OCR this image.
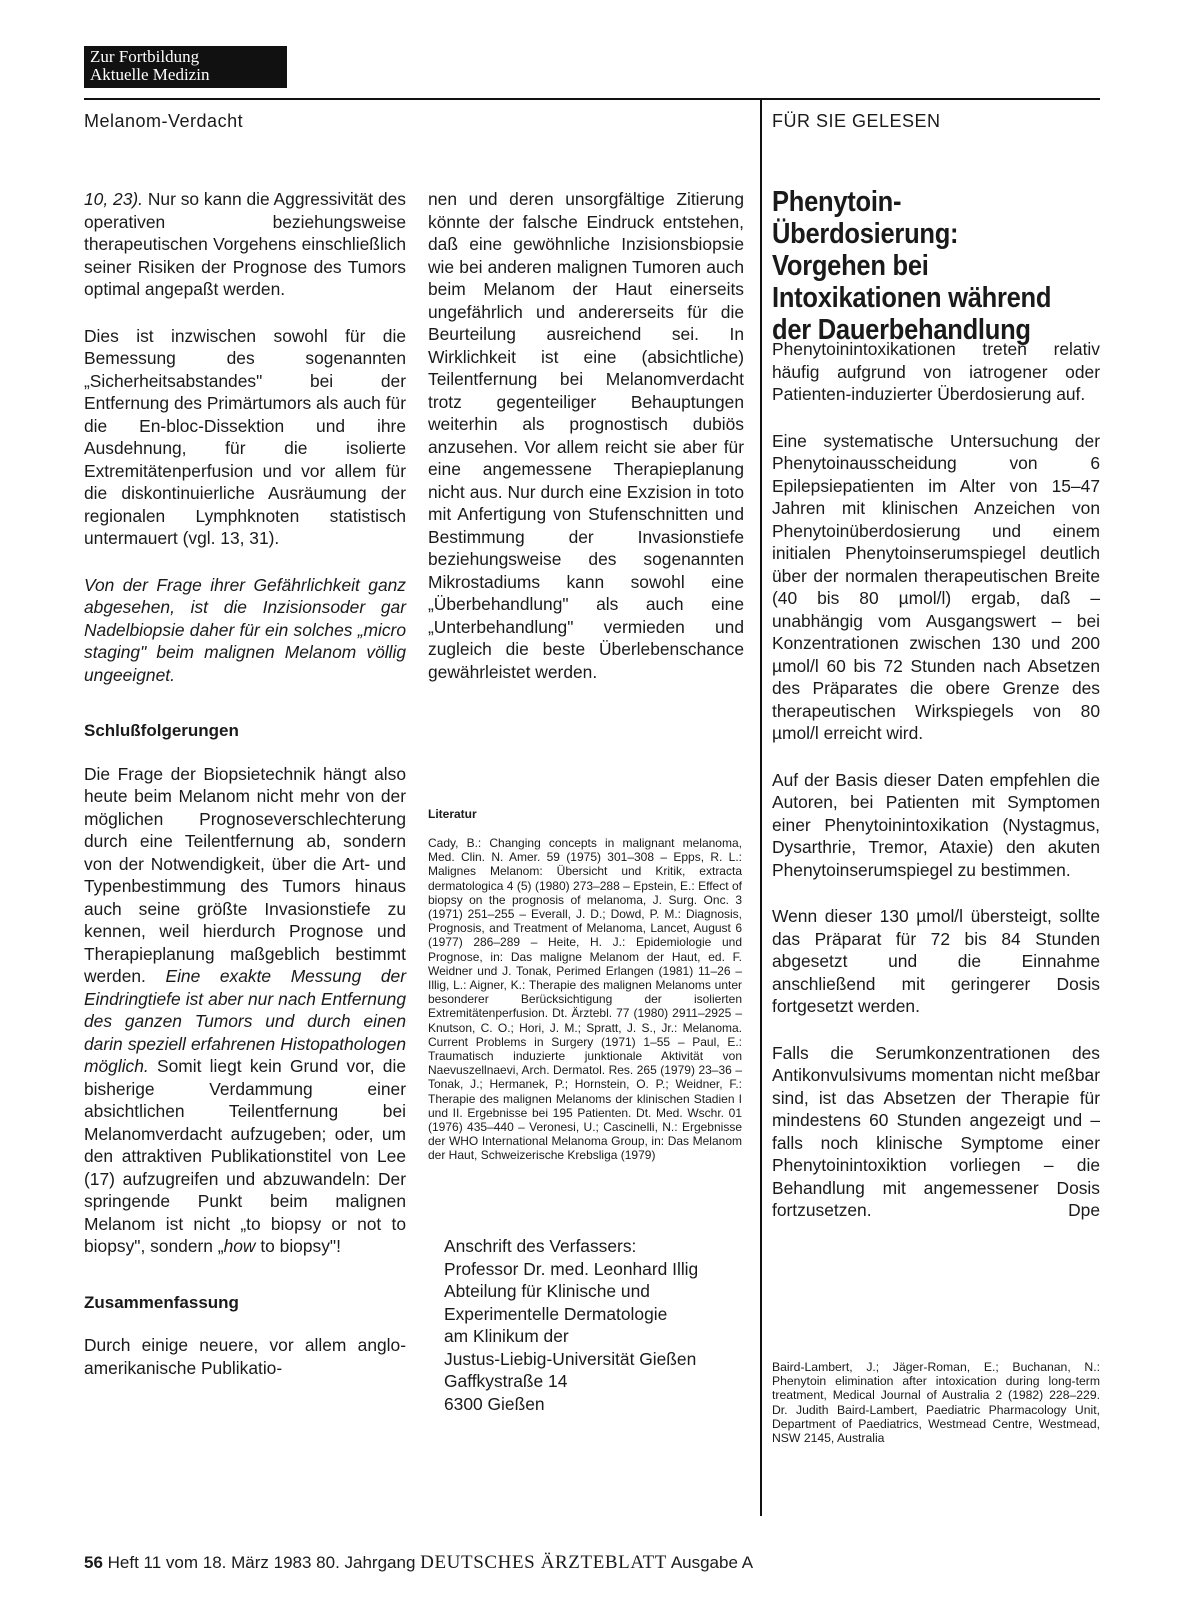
Zur Fortbildung
Aktuelle Medizin
Melanom-Verdacht	FÜR SIE GELESEN

10, 23). Nur so kann die Aggressivität des operativen beziehungsweise therapeutischen Vorgehens einschließlich seiner Risiken der Prognose des Tumors optimal angepaßt werden.

Dies ist inzwischen sowohl für die Bemessung des sogenannten „Sicherheitsabstandes" bei der Entfernung des Primärtumors als auch für die En-bloc-Dissektion und ihre Ausdehnung, für die isolierte Extremitätenperfusion und vor allem für die diskontinuierliche Ausräumung der regionalen Lymphknoten statistisch untermauert (vgl. 13, 31).

Von der Frage ihrer Gefährlichkeit ganz abgesehen, ist die Inzisionsoder gar Nadelbiopsie daher für ein solches „micro staging" beim malignen Melanom völlig ungeeignet.

Schlußfolgerungen

Die Frage der Biopsietechnik hängt also heute beim Melanom nicht mehr von der möglichen Prognoseverschlechterung durch eine Teilentfernung ab, sondern von der Notwendigkeit, über die Art- und Typenbestimmung des Tumors hinaus auch seine größte Invasionstiefe zu kennen, weil hierdurch Prognose und Therapieplanung maßgeblich bestimmt werden. Eine exakte Messung der Eindringtiefe ist aber nur nach Entfernung des ganzen Tumors und durch einen darin speziell erfahrenen Histopathologen möglich. Somit liegt kein Grund vor, die bisherige Verdammung einer absichtlichen Teilentfernung bei Melanomverdacht aufzugeben; oder, um den attraktiven Publikationstitel von Lee (17) aufzugreifen und abzuwandeln: Der springende Punkt beim malignen Melanom ist nicht „to biopsy or not to biopsy", sondern „how to biopsy"!

Zusammenfassung

Durch einige neuere, vor allem anglo-amerikanische Publikatio-

nen und deren unsorgfältige Zitierung könnte der falsche Eindruck entstehen, daß eine gewöhnliche Inzisionsbiopsie wie bei anderen malignen Tumoren auch beim Melanom der Haut einerseits ungefährlich und andererseits für die Beurteilung ausreichend sei. In Wirklichkeit ist eine (absichtliche) Teilentfernung bei Melanomverdacht trotz gegenteiliger Behauptungen weiterhin als prognostisch dubiös anzusehen. Vor allem reicht sie aber für eine angemessene Therapieplanung nicht aus. Nur durch eine Exzision in toto mit Anfertigung von Stufenschnitten und Bestimmung der Invasionstiefe beziehungsweise des sogenannten Mikrostadiums kann sowohl eine „Überbehandlung" als auch eine „Unterbehandlung" vermieden und zugleich die beste Überlebenschance gewährleistet werden.

Literatur
Cady, B.: Changing concepts in malignant melanoma, Med. Clin. N. Amer. 59 (1975) 301–308 – Epps, R. L.: Malignes Melanom: Übersicht und Kritik, extracta dermatologica 4 (5) (1980) 273–288 – Epstein, E.: Effect of biopsy on the prognosis of melanoma, J. Surg. Onc. 3 (1971) 251–255 – Everall, J. D.; Dowd, P. M.: Diagnosis, Prognosis, and Treatment of Melanoma, Lancet, August 6 (1977) 286–289 – Heite, H. J.: Epidemiologie und Prognose, in: Das maligne Melanom der Haut, ed. F. Weidner und J. Tonak, Perimed Erlangen (1981) 11–26 – Illig, L.: Aigner, K.: Therapie des malignen Melanoms unter besonderer Berücksichtigung der isolierten Extremitätenperfusion. Dt. Ärztebl. 77 (1980) 2911–2925 – Knutson, C. O.; Hori, J. M.; Spratt, J. S., Jr.: Melanoma. Current Problems in Surgery (1971) 1–55 – Paul, E.: Traumatisch induzierte junktionale Aktivität von Naevuszellnaevi, Arch. Dermatol. Res. 265 (1979) 23–36 – Tonak, J.; Hermanek, P.; Hornstein, O. P.; Weidner, F.: Therapie des malignen Melanoms der klinischen Stadien I und II. Ergebnisse bei 195 Patienten. Dt. Med. Wschr. 01 (1976) 435–440 – Veronesi, U.; Cascinelli, N.: Ergebnisse der WHO International Melanoma Group, in: Das Melanom der Haut, Schweizerische Krebsliga (1979)
Anschrift des Verfassers:
Professor Dr. med. Leonhard Illig
Abteilung für Klinische und
Experimentelle Dermatologie
am Klinikum der
Justus-Liebig-Universität Gießen
Gaffkystraße 14
6300 Gießen
Phenytoin-Überdosierung: Vorgehen bei Intoxikationen während der Dauerbehandlung

Phenytoinintoxikationen treten relativ häufig aufgrund von iatrogener oder Patienten-induzierter Überdosierung auf.

Eine systematische Untersuchung der Phenytoinausscheidung von 6 Epilepsiepatienten im Alter von 15–47 Jahren mit klinischen Anzeichen von Phenytoinüberdosierung und einem initialen Phenytoinserumspiegel deutlich über der normalen therapeutischen Breite (40 bis 80 µmol/l) ergab, daß – unabhängig vom Ausgangswert – bei Konzentrationen zwischen 130 und 200 µmol/l 60 bis 72 Stunden nach Absetzen des Präparates die obere Grenze des therapeutischen Wirkspiegels von 80 µmol/l erreicht wird.

Auf der Basis dieser Daten empfehlen die Autoren, bei Patienten mit Symptomen einer Phenytoinintoxikation (Nystagmus, Dysarthrie, Tremor, Ataxie) den akuten Phenytoinserumspiegel zu bestimmen.

Wenn dieser 130 µmol/l übersteigt, sollte das Präparat für 72 bis 84 Stunden abgesetzt und die Einnahme anschließend mit geringerer Dosis fortgesetzt werden.

Falls die Serumkonzentrationen des Antikonvulsivums momentan nicht meßbar sind, ist das Absetzen der Therapie für mindestens 60 Stunden angezeigt und – falls noch klinische Symptome einer Phenytoinintoxiktion vorliegen – die Behandlung mit angemessener Dosis fortzusetzen.	Dpe

Baird-Lambert, J.; Jäger-Roman, E.; Buchanan, N.: Phenytoin elimination after intoxication during long-term treatment, Medical Journal of Australia 2 (1982) 228–229. Dr. Judith Baird-Lambert, Paediatric Pharmacology Unit, Department of Paediatrics, Westmead Centre, Westmead, NSW 2145, Australia
56 Heft 11 vom 18. März 1983 80. Jahrgang DEUTSCHES ÄRZTEBLATT Ausgabe A
